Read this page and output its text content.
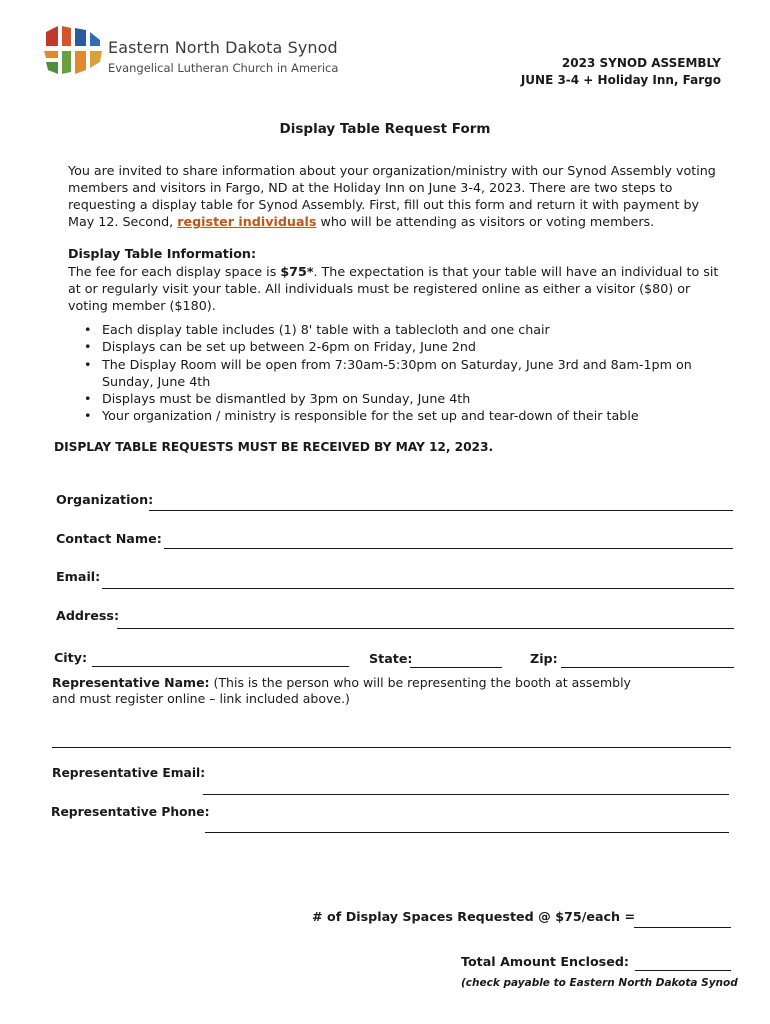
Eastern North Dakota Synod
Evangelical Lutheran Church in America	2023 SYNOD ASSEMBLY
JUNE 3-4 + Holiday Inn, Fargo
Display Table Request Form

You are invited to share information about your organization/ministry with our Synod Assembly voting members and visitors in Fargo, ND at the Holiday Inn on June 3-4, 2023. There are two steps to requesting a display table for Synod Assembly. First, fill out this form and return it with payment by May 12. Second, register individuals who will be attending as visitors or voting members.

Display Table Information:

The fee for each display space is $75*. The expectation is that your table will have an individual to sit at or regularly visit your table. All individuals must be registered online as either a visitor ($80) or voting member ($180).

• Each display table includes (1) 8' table with a tablecloth and one chair
• Displays can be set up between 2-6pm on Friday, June 2nd
• The Display Room will be open from 7:30am-5:30pm on Saturday, June 3rd and 8am-1pm on Sunday, June 4th
• Displays must be dismantled by 3pm on Sunday, June 4th
• Your organization / ministry is responsible for the set up and tear-down of their table
DISPLAY TABLE REQUESTS MUST BE RECEIVED BY MAY 12, 2023.
Organization:
Contact Name:
Email:
Address:
City:	State:	Zip:

Representative Name: (This is the person who will be representing the booth at assembly and must register online – link included above.)

Representative Email:
Representative Phone:
# of Display Spaces Requested @ $75/each =
Total Amount Enclosed:
(check payable to Eastern North Dakota Synod
